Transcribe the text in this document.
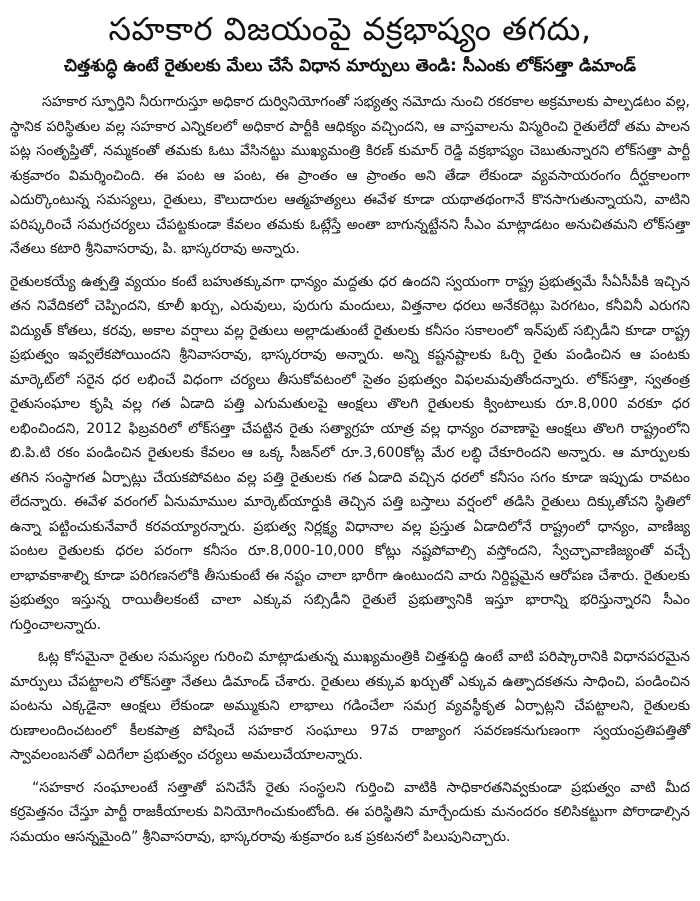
సహకార విజయంపై వక్రభాష్యం తగదు,
చిత్తశుద్ధి ఉంటే రైతులకు మేలు చేసే విధాన మార్పులు తెండి: సీఎంకు లోక్‌సత్తా డిమాండ్

సహకార స్ఫూర్తిని నీరుగారుస్తూ అధికార దుర్వినియోగంతో సభ్యత్వ నమోదు నుంచి రకరకాల అక్రమాలకు పాల్పడటం వల్ల, స్థానిక పరిస్థితుల వల్ల సహకార ఎన్నికలలో అధికార పార్టీకి ఆధిక్యం వచ్చిందని, ఆ వాస్తవాలను విస్మరించి రైతులేదో తమ పాలన పట్ల సంతృప్తితో, నమ్మకంతో తమకు ఓటు వేసినట్టు ముఖ్యమంత్రి కిరణ్ కుమార్ రెడ్డి వక్రభాష్యం చెబుతున్నారని లోక్‌సత్తా పార్టీ శుక్రవారం విమర్శించింది. ఈ పంట ఆ పంట, ఈ ప్రాంతం ఆ ప్రాంతం అని తేడా లేకుండా వ్యవసాయరంగం దీర్ఘకాలంగా ఎదుర్కొంటున్న సమస్యలు, రైతులు, కౌలుదారుల ఆత్మహత్యలు ఈవేళ కూడా యథాతథంగానే కొనసాగుతున్నాయని, వాటిని పరిష్కరించే సమగ్రచర్యలు చేపట్టకుండా కేవలం తమకు ఓట్లేస్తే అంతా బాగున్నట్టేనని సీఎం మాట్లాడటం అనుచితమని లోక్‌సత్తా నేతలు కటారి శ్రీనివాసరావు, పి. భాస్కరరావు అన్నారు.

రైతులకయ్యే ఉత్పత్తి వ్యయం కంటే బహుతక్కువగా ధాన్యం మద్దతు ధర ఉందని స్వయంగా రాష్ట్ర ప్రభుత్వమే సీఏసీపీకి ఇచ్చిన తన నివేదికలో చెప్పిందని, కూలీ ఖర్చు, ఎరువులు, పురుగు మందులు, విత్తనాల ధరలు అనేకరెట్లు పెరగటం, కనీవినీ ఎరుగని విద్యుత్ కోతలు, కరవు, అకాల వర్షాలు వల్ల రైతులు అల్లాడుతుంటే రైతులకు కనీసం సకాలంలో ఇన్‌పుట్ సబ్సిడీని కూడా రాష్ట్ర ప్రభుత్వం ఇవ్వలేకపోయిందని శ్రీనివాసరావు, భాస్కరరావు అన్నారు. అన్ని కష్టనష్టాలకు ఓర్చి రైతు పండించిన ఆ పంటకు మార్కెట్‌లో సరైన ధర లభించే విధంగా చర్యలు తీసుకోవటంలో సైతం ప్రభుత్వం విఫలమవుతోందన్నారు. లోక్‌సత్తా, స్వతంత్ర రైతుసంఘాల కృషి వల్ల గత ఏడాది పత్తి ఎగుమతులపై ఆంక్షలు తొలగి రైతులకు క్వింటాలుకు రూ.8,000 వరకూ ధర లభించిందని, 2012 ఫిబ్రవరిలో లోక్‌సత్తా చేపట్టిన రైతు సత్యాగ్రహ యాత్ర వల్ల ధాన్యం రవాణాపై ఆంక్షలు తొలగి రాష్ట్రంలోని బి.పి.టి రకం పండించిన రైతులకు కేవలం ఆ ఒక్క సీజన్‌లో రూ.3,600కోట్ల మేర లబ్ధి చేకూరిందని అన్నారు. ఆ మార్పులకు తగిన సంస్థాగత ఏర్పాట్లు చేయకపోవటం వల్ల పత్తి రైతులకు గత ఏడాది వచ్చిన ధరలో కనీసం సగం కూడా ఇప్పుడు రావటం లేదన్నారు. ఈవేళ వరంగల్ ఏనుమాముల మార్కెట్‌యార్డుకి తెచ్చిన పత్తి బస్తాలు వర్షంలో తడిసి రైతులు దిక్కుతోచని స్థితిలో ఉన్నా పట్టించుకునేవారే కరవయ్యారన్నారు. ప్రభుత్వ నిర్లక్ష్య విధానాల వల్ల ప్రస్తుత ఏడాదిలోనే రాష్ట్రంలో ధాన్యం, వాణిజ్య పంటల రైతులకు ధరల పరంగా కనీసం రూ.8,000-10,000 కోట్లు నష్టపోవాల్సి వస్తోందని, స్వేచ్ఛావాణిజ్యంతో వచ్చే లాభావకాశాల్ని కూడా పరిగణనలోకి తీసుకుంటే ఈ నష్టం చాలా భారీగా ఉంటుందని వారు నిర్దిష్టమైన ఆరోపణ చేశారు. రైతులకు ప్రభుత్వం ఇస్తున్న రాయితీలకంటే చాలా ఎక్కువ సబ్సిడీని రైతులే ప్రభుత్వానికి ఇస్తూ భారాన్ని భరిస్తున్నారని సీఎం గుర్తించాలన్నారు.

ఓట్ల కోసమైనా రైతుల సమస్యల గురించి మాట్లాడుతున్న ముఖ్యమంత్రికి చిత్తశుద్ధి ఉంటే వాటి పరిష్కారానికి విధానపరమైన మార్పులు చేపట్టాలని లోక్‌సత్తా నేతలు డిమాండ్ చేశారు. రైతులు తక్కువ ఖర్చుతో ఎక్కువ ఉత్పాదకతను సాధించి, పండించిన పంటను ఎక్కడైనా ఆంక్షలు లేకుండా అమ్ముకుని లాభాలు గడించేలా సమగ్ర వ్యవస్థీకృత ఏర్పాట్లని చేపట్టాలని, రైతులకు రుణాలందించటంలో కీలకపాత్ర పోషించే సహకార సంఘాలు 97వ రాజ్యాంగ సవరణకనుగుణంగా స్వయంప్రతిపత్తితో స్వావలంబనతో ఎదిగేలా ప్రభుత్వం చర్యలు అమలుచేయాలన్నారు.

“సహకార సంఘాలంటే సత్తాతో పనిచేసే రైతు సంస్థలని గుర్తించి వాటికి సాధికారతనివ్వకుండా ప్రభుత్వం వాటి మీద కర్రపెత్తనం చేస్తూ పార్టీ రాజకీయాలకు వినియోగించుకుంటోంది. ఈ పరిస్థితిని మార్చేందుకు మనందరం కలిసికట్టుగా పోరాడాల్సిన సమయం ఆసన్నమైంది” శ్రీనివాసరావు, భాస్కరరావు శుక్రవారం ఒక ప్రకటనలో పిలుపునిచ్చారు.
